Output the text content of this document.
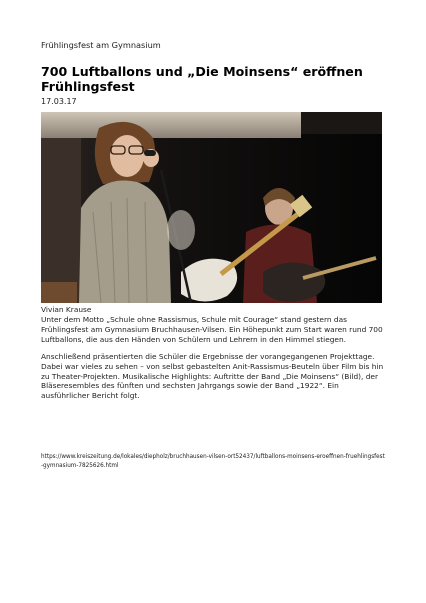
Frühlingsfest am Gymnasium
700 Luftballons und „Die Moinsens“ eröffnen Frühlingsfest
17.03.17
Vivian Krause

Unter dem Motto „Schule ohne Rassismus, Schule mit Courage“ stand gestern das Frühlingsfest am Gymnasium Bruchhausen-Vilsen. Ein Höhepunkt zum Start waren rund 700 Luftballons, die aus den Händen von Schülern und Lehrern in den Himmel stiegen.

Anschließend präsentierten die Schüler die Ergebnisse der vorangegangenen Projekttage. Dabei war vieles zu sehen – von selbst gebastelten Anit-Rassismus-Beuteln über Film bis hin zu Theater-Projekten. Musikalische Highlights: Auftritte der Band „Die Moinsens“ (Bild), der Bläseresembles des fünften und sechsten Jahrgangs sowie der Band „1922“. Ein ausführlicher Bericht folgt.

https://www.kreiszeitung.de/lokales/diepholz/bruchhausen-vilsen-ort52437/luftballons-moinsens-eroeffnen-fruehlingsfest-gymnasium-7825626.html
